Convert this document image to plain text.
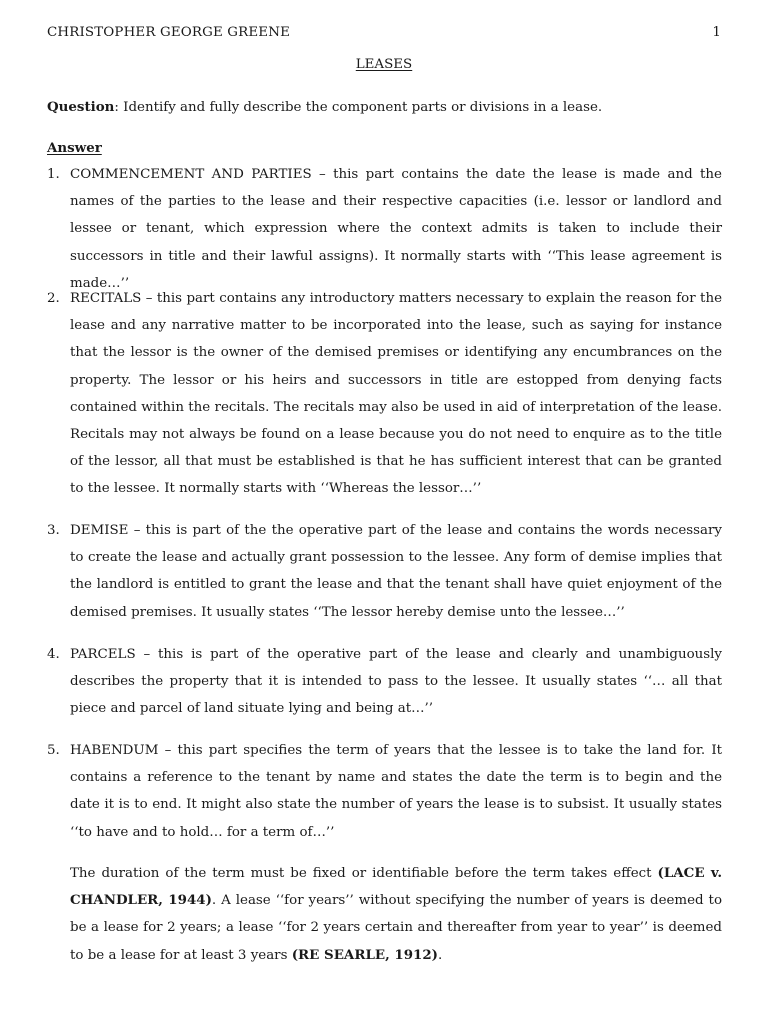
CHRISTOPHER GEORGE GREENE	1
LEASES
Question: Identify and fully describe the component parts or divisions in a lease.
Answer
1. COMMENCEMENT AND PARTIES – this part contains the date the lease is made and the names of the parties to the lease and their respective capacities (i.e. lessor or landlord and lessee or tenant, which expression where the context admits is taken to include their successors in title and their lawful assigns). It normally starts with ‘‘This lease agreement is made…’’
2. RECITALS – this part contains any introductory matters necessary to explain the reason for the lease and any narrative matter to be incorporated into the lease, such as saying for instance that the lessor is the owner of the demised premises or identifying any encumbrances on the property. The lessor or his heirs and successors in title are estopped from denying facts contained within the recitals. The recitals may also be used in aid of interpretation of the lease. Recitals may not always be found on a lease because you do not need to enquire as to the title of the lessor, all that must be established is that he has sufficient interest that can be granted to the lessee. It normally starts with ‘‘Whereas the lessor…’’
3. DEMISE – this is part of the the operative part of the lease and contains the words necessary to create the lease and actually grant possession to the lessee. Any form of demise implies that the landlord is entitled to grant the lease and that the tenant shall have quiet enjoyment of the demised premises. It usually states ‘‘The lessor hereby demise unto the lessee…’’
4. PARCELS – this is part of the operative part of the lease and clearly and unambiguously describes the property that it is intended to pass to the lessee. It usually states ‘‘… all that piece and parcel of land situate lying and being at…’’
5. HABENDUM – this part specifies the term of years that the lessee is to take the land for. It contains a reference to the tenant by name and states the date the term is to begin and the date it is to end. It might also state the number of years the lease is to subsist. It usually states ‘‘to have and to hold… for a term of…’’
The duration of the term must be fixed or identifiable before the term takes effect (LACE v. CHANDLER, 1944). A lease ‘‘for years’’ without specifying the number of years is deemed to be a lease for 2 years; a lease ‘‘for 2 years certain and thereafter from year to year’’ is deemed to be a lease for at least 3 years (RE SEARLE, 1912).
